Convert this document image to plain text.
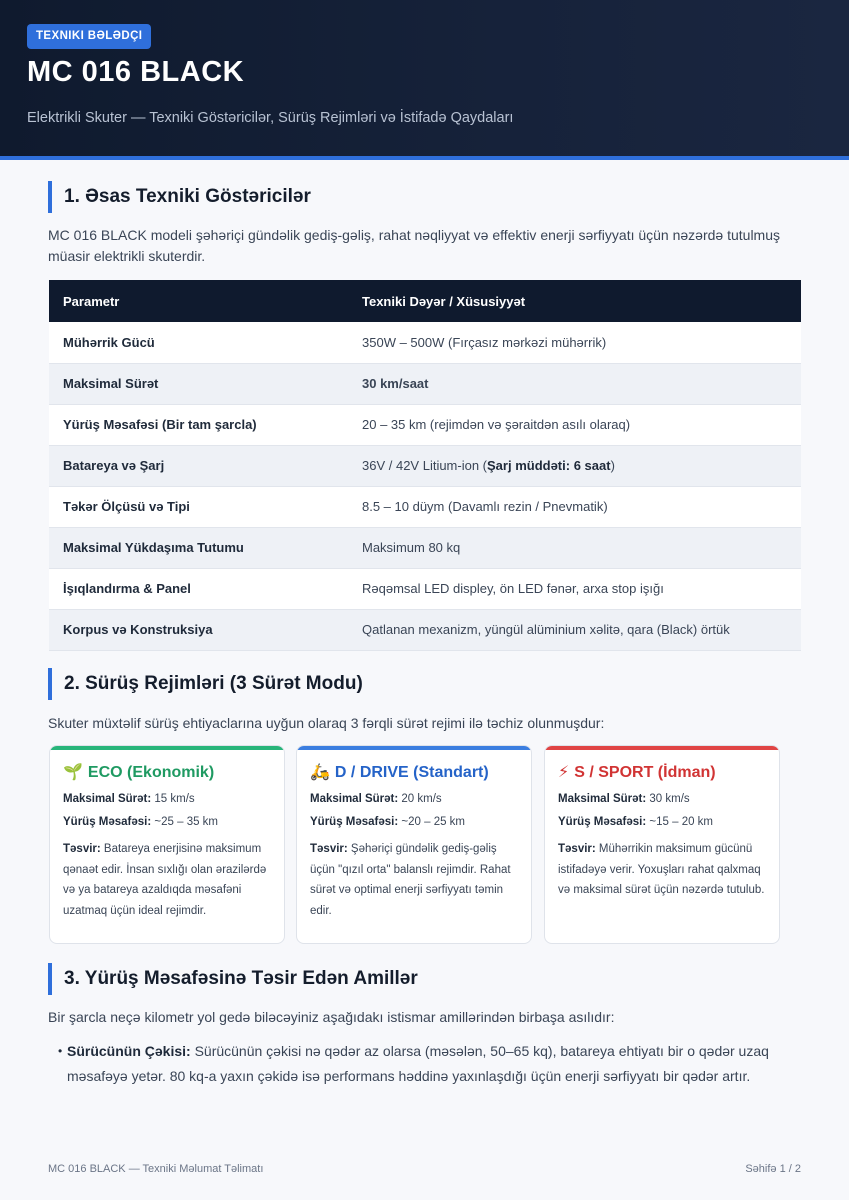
TEXNIKI BƏLƏDÇI
MC 016 BLACK
Elektrikli Skuter — Texniki Göstəricilər, Sürüş Rejimləri və İstifadə Qaydaları
1. Əsas Texniki Göstəricilər
MC 016 BLACK modeli şəhəriçi gündəlik gediş-gəliş, rahat nəqliyyat və effektiv enerji sərfiyyatı üçün nəzərdə tutulmuş müasir elektrikli skuterdir.
Parametr	Texniki Dəyər / Xüsusiyyət
Mühərrik Gücü	350W – 500W (Fırçasız mərkəzi mühərrik)
Maksimal Sürət	30 km/saat
Yürüş Məsafəsi (Bir tam şarcla)	20 – 35 km (rejimdən və şəraitdən asılı olaraq)
Batareya və Şarj	36V / 42V Litium-ion (Şarj müddəti: 6 saat)
Təkər Ölçüsü və Tipi	8.5 – 10 düym (Davamlı rezin / Pnevmatik)
Maksimal Yükdaşıma Tutumu	Maksimum 80 kq
İşıqlandırma & Panel	Rəqəmsal LED displey, ön LED fənər, arxa stop işığı
Korpus və Konstruksiya	Qatlanan mexanizm, yüngül alüminium xəlitə, qara (Black) örtük
2. Sürüş Rejimləri (3 Sürət Modu)
Skuter müxtəlif sürüş ehtiyaclarına uyğun olaraq 3 fərqli sürət rejimi ilə təchiz olunmuşdur:
🌱 ECO (Ekonomik)
Maksimal Sürət: 15 km/s
Yürüş Məsafəsi: ~25 – 35 km
Təsvir: Batareya enerjisinə maksimum qənaət edir. İnsan sıxlığı olan ərazilərdə və ya batareya azaldıqda məsafəni uzatmaq üçün ideal rejimdir.
🛵 D / DRIVE (Standart)
Maksimal Sürət: 20 km/s
Yürüş Məsafəsi: ~20 – 25 km
Təsvir: Şəhəriçi gündəlik gediş-gəliş üçün "qızıl orta" balanslı rejimdir. Rahat sürət və optimal enerji sərfiyyatı təmin edir.
⚡ S / SPORT (İdman)
Maksimal Sürət: 30 km/s
Yürüş Məsafəsi: ~15 – 20 km
Təsvir: Mühərrikin maksimum gücünü istifadəyə verir. Yoxuşları rahat qalxmaq və maksimal sürət üçün nəzərdə tutulub.
3. Yürüş Məsafəsinə Təsir Edən Amillər
Bir şarcla neçə kilometr yol gedə biləcəyiniz aşağıdakı istismar amillərindən birbaşa asılıdır:
• Sürücünün Çəkisi: Sürücünün çəkisi nə qədər az olarsa (məsələn, 50–65 kq), batareya ehtiyatı bir o qədər uzaq məsafəyə yetər. 80 kq-a yaxın çəkidə isə performans həddinə yaxınlaşdığı üçün enerji sərfiyyatı bir qədər artır.
MC 016 BLACK — Texniki Məlumat Təlimatı	Səhifə 1 / 2
